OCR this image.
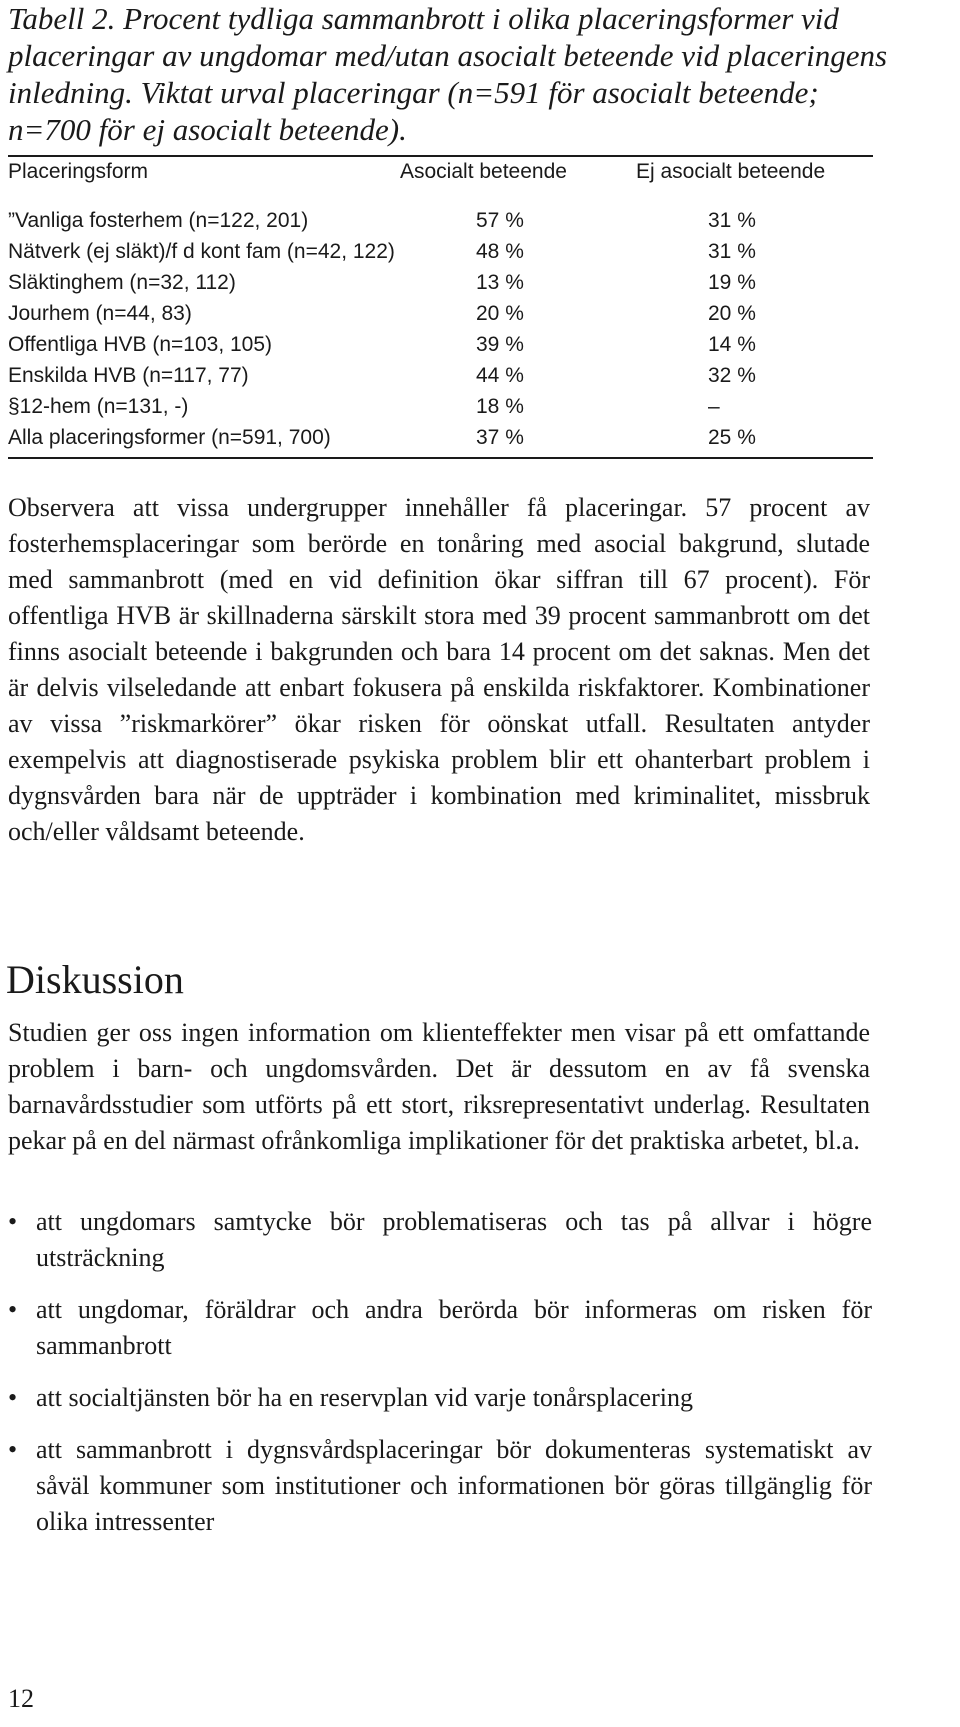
Tabell 2. Procent tydliga sammanbrott i olika placeringsformer vid placeringar av ungdomar med/utan asocialt beteende vid placeringens inledning. Viktat urval placeringar (n=591 för asocialt beteende; n=700 för ej asocialt beteende).

Placeringsform	Asocialt beteende	Ej asocialt beteende
”Vanliga fosterhem (n=122, 201)	57 %	31 %
Nätverk (ej släkt)/f d kont fam (n=42, 122)	48 %	31 %
Släktinghem (n=32, 112)	13 %	19 %
Jourhem (n=44, 83)	20 %	20 %
Offentliga HVB (n=103, 105)	39 %	14 %
Enskilda HVB (n=117, 77)	44 %	32 %
§12-hem (n=131, -)	18 %	–
Alla placeringsformer (n=591, 700)	37 %	25 %

Observera att vissa undergrupper innehåller få placeringar. 57 procent av fosterhemsplaceringar som berörde en tonåring med asocial bakgrund, slutade med sammanbrott (med en vid definition ökar siffran till 67 procent). För offentliga HVB är skillnaderna särskilt stora med 39 procent sammanbrott om det finns asocialt beteende i bakgrunden och bara 14 procent om det saknas. Men det är delvis vilseledande att enbart fokusera på enskilda riskfaktorer. Kombinationer av vissa ”riskmarkörer” ökar risken för oönskat utfall. Resultaten antyder exempelvis att diagnostiserade psykiska problem blir ett ohanterbart problem i dygnsvården bara när de uppträder i kombination med kriminalitet, missbruk och/eller våldsamt beteende.

Diskussion

Studien ger oss ingen information om klienteffekter men visar på ett omfattande problem i barn- och ungdomsvården. Det är dessutom en av få svenska barnavårdsstudier som utförts på ett stort, riksrepresentativt underlag. Resultaten pekar på en del närmast ofrånkomliga implikationer för det praktiska arbetet, bl.a.

• att ungdomars samtycke bör problematiseras och tas på allvar i högre utsträckning
• att ungdomar, föräldrar och andra berörda bör informeras om risken för sammanbrott
• att socialtjänsten bör ha en reservplan vid varje tonårsplacering
• att sammanbrott i dygnsvårdsplaceringar bör dokumenteras systematiskt av såväl kommuner som institutioner och informationen bör göras tillgänglig för olika intressenter

12
